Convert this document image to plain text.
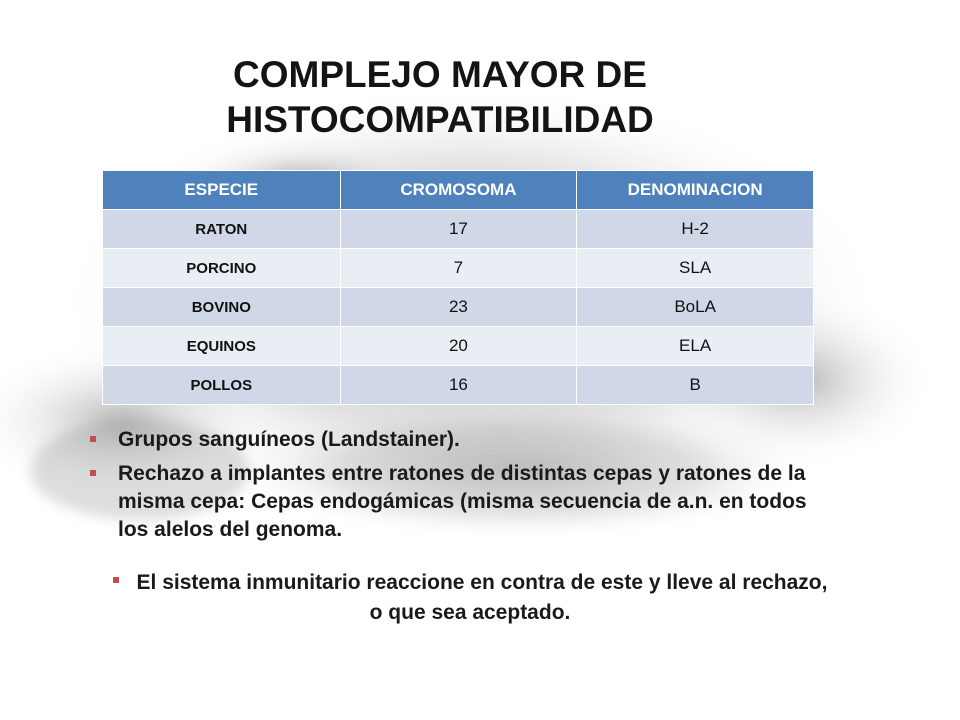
COMPLEJO MAYOR DE
HISTOCOMPATIBILIDAD
ESPECIE	CROMOSOMA	DENOMINACION
RATON	17	H-2
PORCINO	7	SLA
BOVINO	23	BoLA
EQUINOS	20	ELA
POLLOS	16	B
Grupos sanguíneos (Landstainer).
Rechazo a implantes entre ratones de distintas cepas y ratones de la misma cepa: Cepas endogámicas (misma secuencia de a.n. en todos los alelos del genoma.
El sistema inmunitario reaccione en contra de este y lleve al rechazo, o que sea aceptado.
